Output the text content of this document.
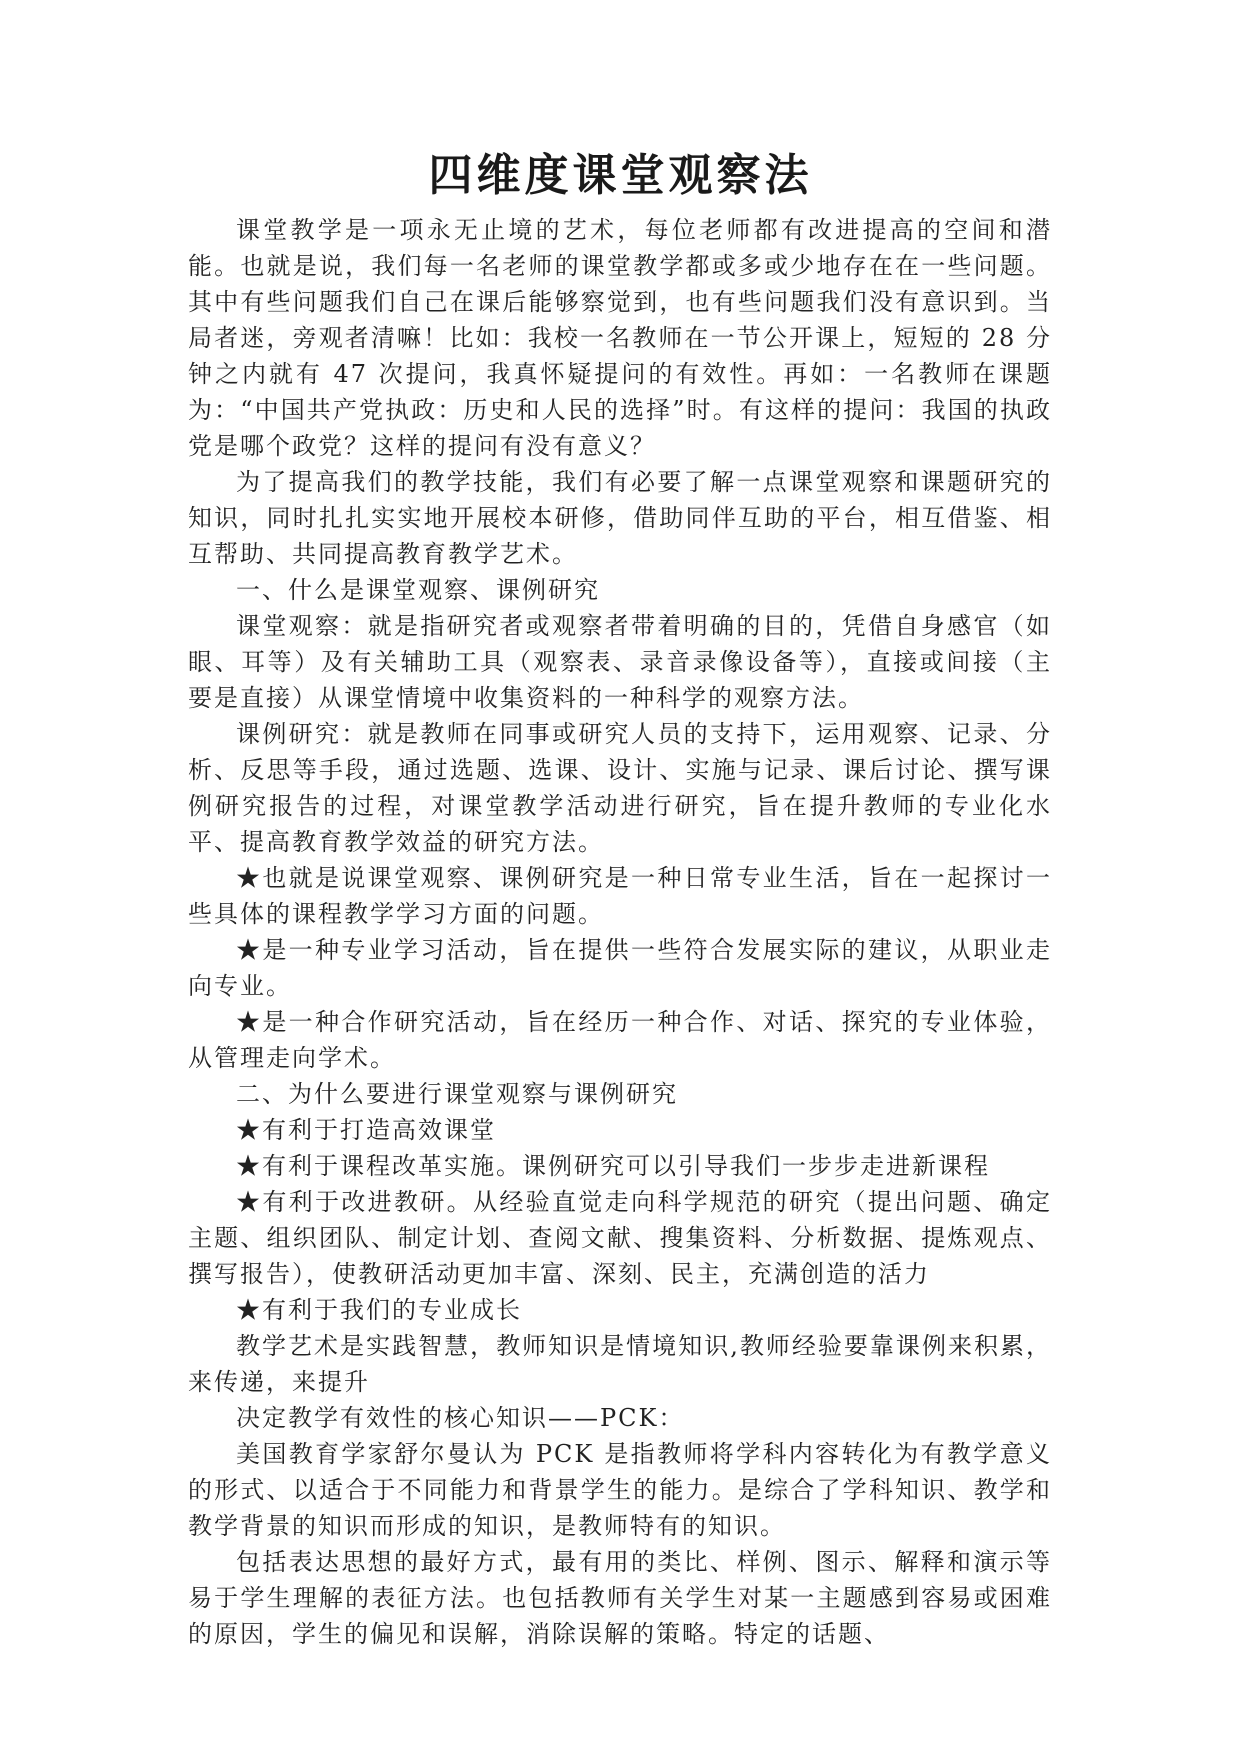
四维度课堂观察法

课堂教学是一项永无止境的艺术，每位老师都有改进提高的空间和潜能。也就是说，我们每一名老师的课堂教学都或多或少地存在在一些问题。其中有些问题我们自己在课后能够察觉到，也有些问题我们没有意识到。当局者迷，旁观者清嘛！比如：我校一名教师在一节公开课上，短短的 28 分钟之内就有 47 次提问，我真怀疑提问的有效性。再如：一名教师在课题为：“中国共产党执政：历史和人民的选择”时。有这样的提问：我国的执政党是哪个政党？这样的提问有没有意义？

为了提高我们的教学技能，我们有必要了解一点课堂观察和课题研究的知识，同时扎扎实实地开展校本研修，借助同伴互助的平台，相互借鉴、相互帮助、共同提高教育教学艺术。

一、什么是课堂观察、课例研究

课堂观察：就是指研究者或观察者带着明确的目的，凭借自身感官（如眼、耳等）及有关辅助工具（观察表、录音录像设备等），直接或间接（主要是直接）从课堂情境中收集资料的一种科学的观察方法。

课例研究：就是教师在同事或研究人员的支持下，运用观察、记录、分析、反思等手段，通过选题、选课、设计、实施与记录、课后讨论、撰写课例研究报告的过程，对课堂教学活动进行研究，旨在提升教师的专业化水平、提高教育教学效益的研究方法。

★也就是说课堂观察、课例研究是一种日常专业生活，旨在一起探讨一些具体的课程教学学习方面的问题。

★是一种专业学习活动，旨在提供一些符合发展实际的建议，从职业走向专业。

★是一种合作研究活动，旨在经历一种合作、对话、探究的专业体验，从管理走向学术。

二、为什么要进行课堂观察与课例研究

★有利于打造高效课堂

★有利于课程改革实施。课例研究可以引导我们一步步走进新课程

★有利于改进教研。从经验直觉走向科学规范的研究（提出问题、确定主题、组织团队、制定计划、查阅文献、搜集资料、分析数据、提炼观点、撰写报告），使教研活动更加丰富、深刻、民主，充满创造的活力

★有利于我们的专业成长

教学艺术是实践智慧，教师知识是情境知识,教师经验要靠课例来积累，来传递，来提升

决定教学有效性的核心知识——PCK：

美国教育学家舒尔曼认为 PCK 是指教师将学科内容转化为有教学意义的形式、以适合于不同能力和背景学生的能力。是综合了学科知识、教学和教学背景的知识而形成的知识，是教师特有的知识。

包括表达思想的最好方式，最有用的类比、样例、图示、解释和演示等易于学生理解的表征方法。也包括教师有关学生对某一主题感到容易或困难的原因，学生的偏见和误解，消除误解的策略。特定的话题、
